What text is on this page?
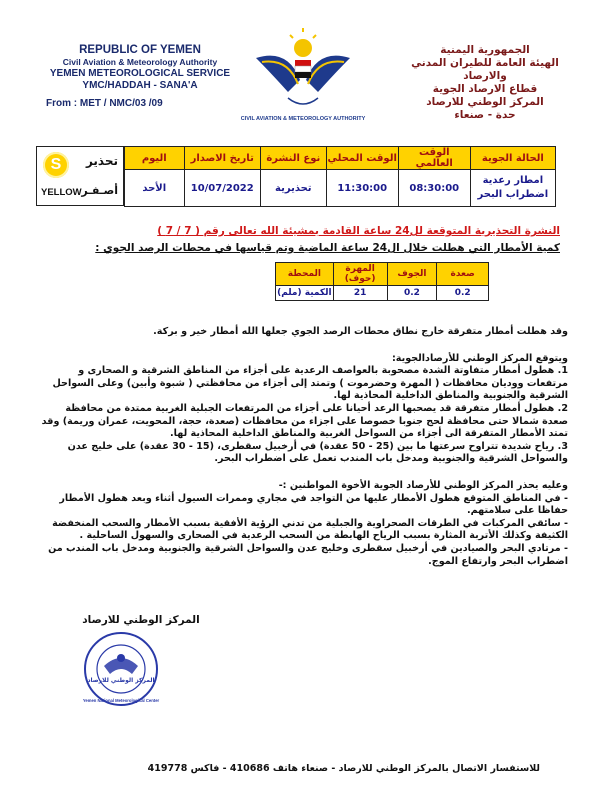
REPUBLIC OF YEMEN
Civil Aviation & Meteorology Authority
YEMEN METEOROLOGICAL SERVICE
YMC/HADDAH - SANA'A
From : MET / NMC/03 /09
CIVIL AVIATION & METEOROLOGY AUTHORITY
الجمهورية اليمنية
الهيئة العامة للطيران المدني والارصاد
قطاع الارصاد الجوية
المركز الوطني للارصاد
حدة - صنعاء
اليوم	تاريخ الاصدار	نوع النشرة	الوقت المحلي	الوقت العالمي	الحالة الجوية
الأحد	10/07/2022	تحذيرية	11:30:00	08:30:00	امطار رعدية اضطراب البحر
S	تحذير
YELLOW أصـفـر
النشرة التحذيرية المتوقعة لل24 ساعة القادمة بمشيئة الله تعالى رقم ( 7 / 7 )
كمية الأمطار التي هطلت خلال ال24 ساعة الماضية وتم قياسها في محطات الرصد الجوي :
المحطة	المهرة (حوف)	الجوف	صعدة
الكمية (ملم)	21	0.2	0.2

وقد هطلت أمطار متفرقة خارج نطاق محطات الرصد الجوي جعلها الله أمطار خير و بركة.

ويتوقع المركز الوطني للأرصادالجوية:

1. هطول أمطار متفاوتة الشدة مصحوبة بالعواصف الرعدية على أجزاء من المناطق الشرقية و الصحارى و مرتفعات ووديان محافظات ( المهرة وحضرموت ) وتمتد إلى أجزاء من محافظتي ( شبوة وأبين) وعلى السواحل الشرقية والجنوبية والمناطق الداخلية المحاذية لها.

2. هطول أمطار متفرقة قد يصحبها الرعد أحيانا على أجزاء من المرتفعات الجبلية الغربية ممتدة من محافظة صعدة شمالا حتى محافظة لحج جنوبا خصوصا على اجزاء من محافظات (صعدة، حجة، المحويت، عمران وريمة) وقد تمتد الأمطار المتفرقة الى أجزاء من السواحل الغربية والمناطق الداخلية المحاذية لها.

3. رياح شديدة تتراوح سرعتها ما بين (25 - 50 عقدة) في أرخبيل سقطرى، (15 - 30 عقدة) على خليج عدن والسواحل الشرقية والجنوبية ومدخل باب المندب تعمل على اضطراب البحر.

وعليه يحذر المركز الوطني للأرصاد الجوية الأخوة المواطنين :-

- في المناطق المتوقع هطول الأمطار عليها من التواجد في مجاري وممرات السيول أثناء وبعد هطول الأمطار حفاظا على سلامتهم.

- سائقي المركبات في الطرقات الصحراوية والجبلية من تدني الرؤية الأفقية بسبب الأمطار والسحب المنخفضة الكثيفة وكذلك الأتربة المثارة بسبب الرياح الهابطة من السحب الرعدية في الصحارى والسهول الساحلية .

- مرتادي البحر والصيادين في أرخبيل سقطرى وخليج عدن والسواحل الشرقية والجنوبية ومدخل باب المندب من اضطراب البحر وارتفاع الموج.

المركز الوطني للارصاد
المركز الوطني للارصاد
Yemen National Meteorological Center
للاستفسار الاتصال بالمركز الوطني للارصاد - صنعاء هاتف 410686 - فاكس 419778
